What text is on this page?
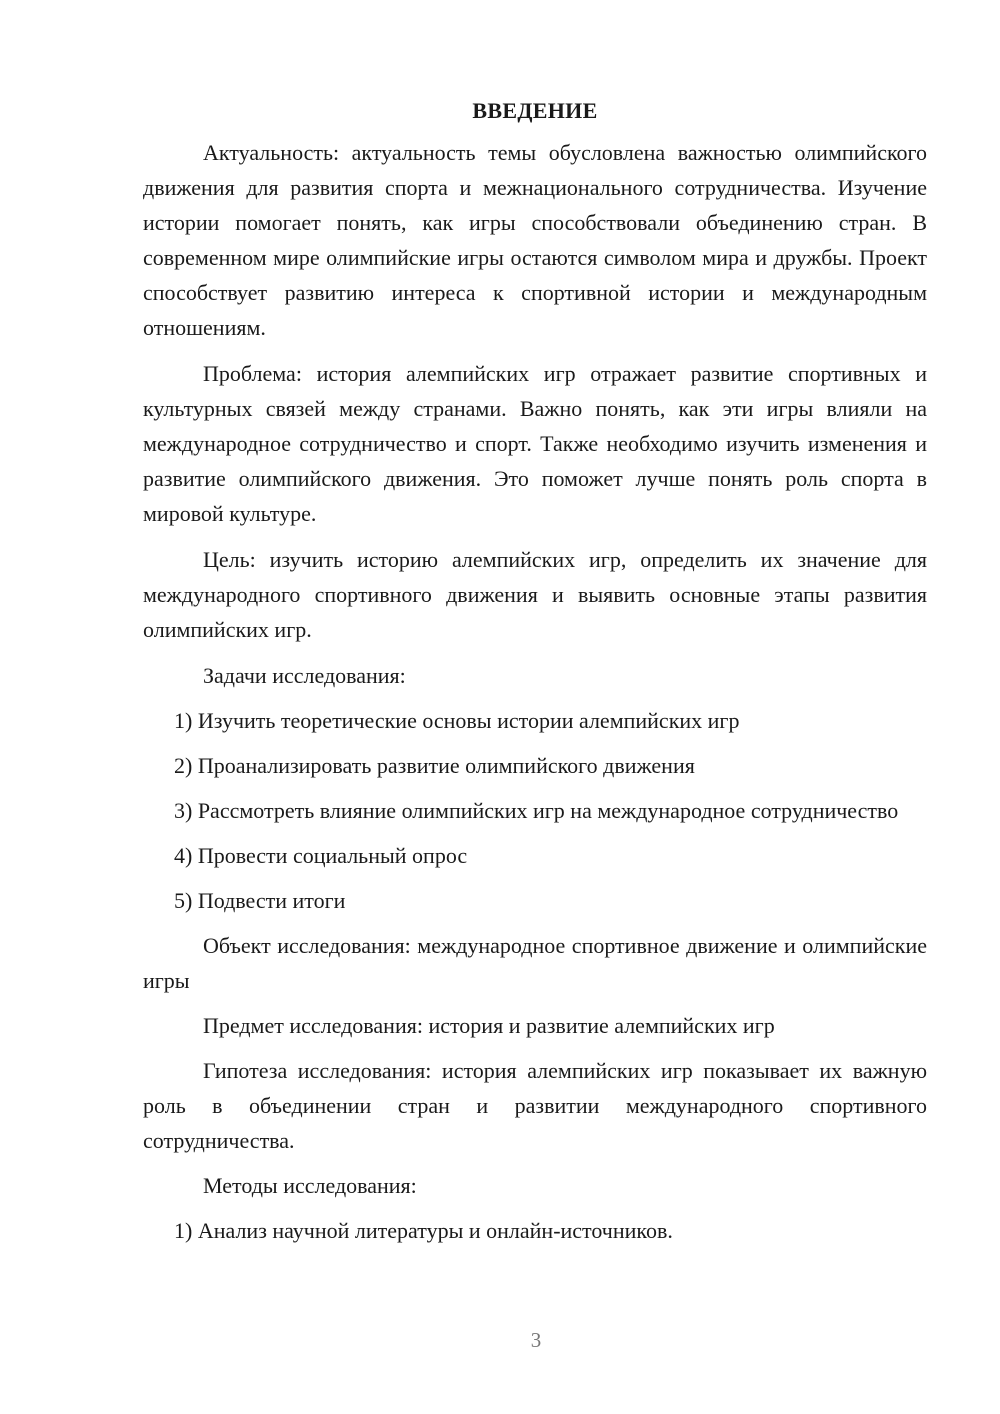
ВВЕДЕНИЕ

Актуальность: актуальность темы обусловлена важностью олимпийского движения для развития спорта и межнационального сотрудничества. Изучение истории помогает понять, как игры способствовали объединению стран. В современном мире олимпийские игры остаются символом мира и дружбы. Проект способствует развитию интереса к спортивной истории и международным отношениям.

Проблема: история алемпийских игр отражает развитие спортивных и культурных связей между странами. Важно понять, как эти игры влияли на международное сотрудничество и спорт. Также необходимо изучить изменения и развитие олимпийского движения. Это поможет лучше понять роль спорта в мировой культуре.

Цель: изучить историю алемпийских игр, определить их значение для международного спортивного движения и выявить основные этапы развития олимпийских игр.

Задачи исследования:

1) Изучить теоретические основы истории алемпийских игр

2) Проанализировать развитие олимпийского движения

3) Рассмотреть влияние олимпийских игр на международное сотрудничество

4) Провести социальный опрос

5) Подвести итоги

Объект исследования: международное спортивное движение и олимпийские игры

Предмет исследования: история и развитие алемпийских игр

Гипотеза исследования: история алемпийских игр показывает их важную роль в объединении стран и развитии международного спортивного сотрудничества.

Методы исследования:

1) Анализ научной литературы и онлайн-источников.

3
